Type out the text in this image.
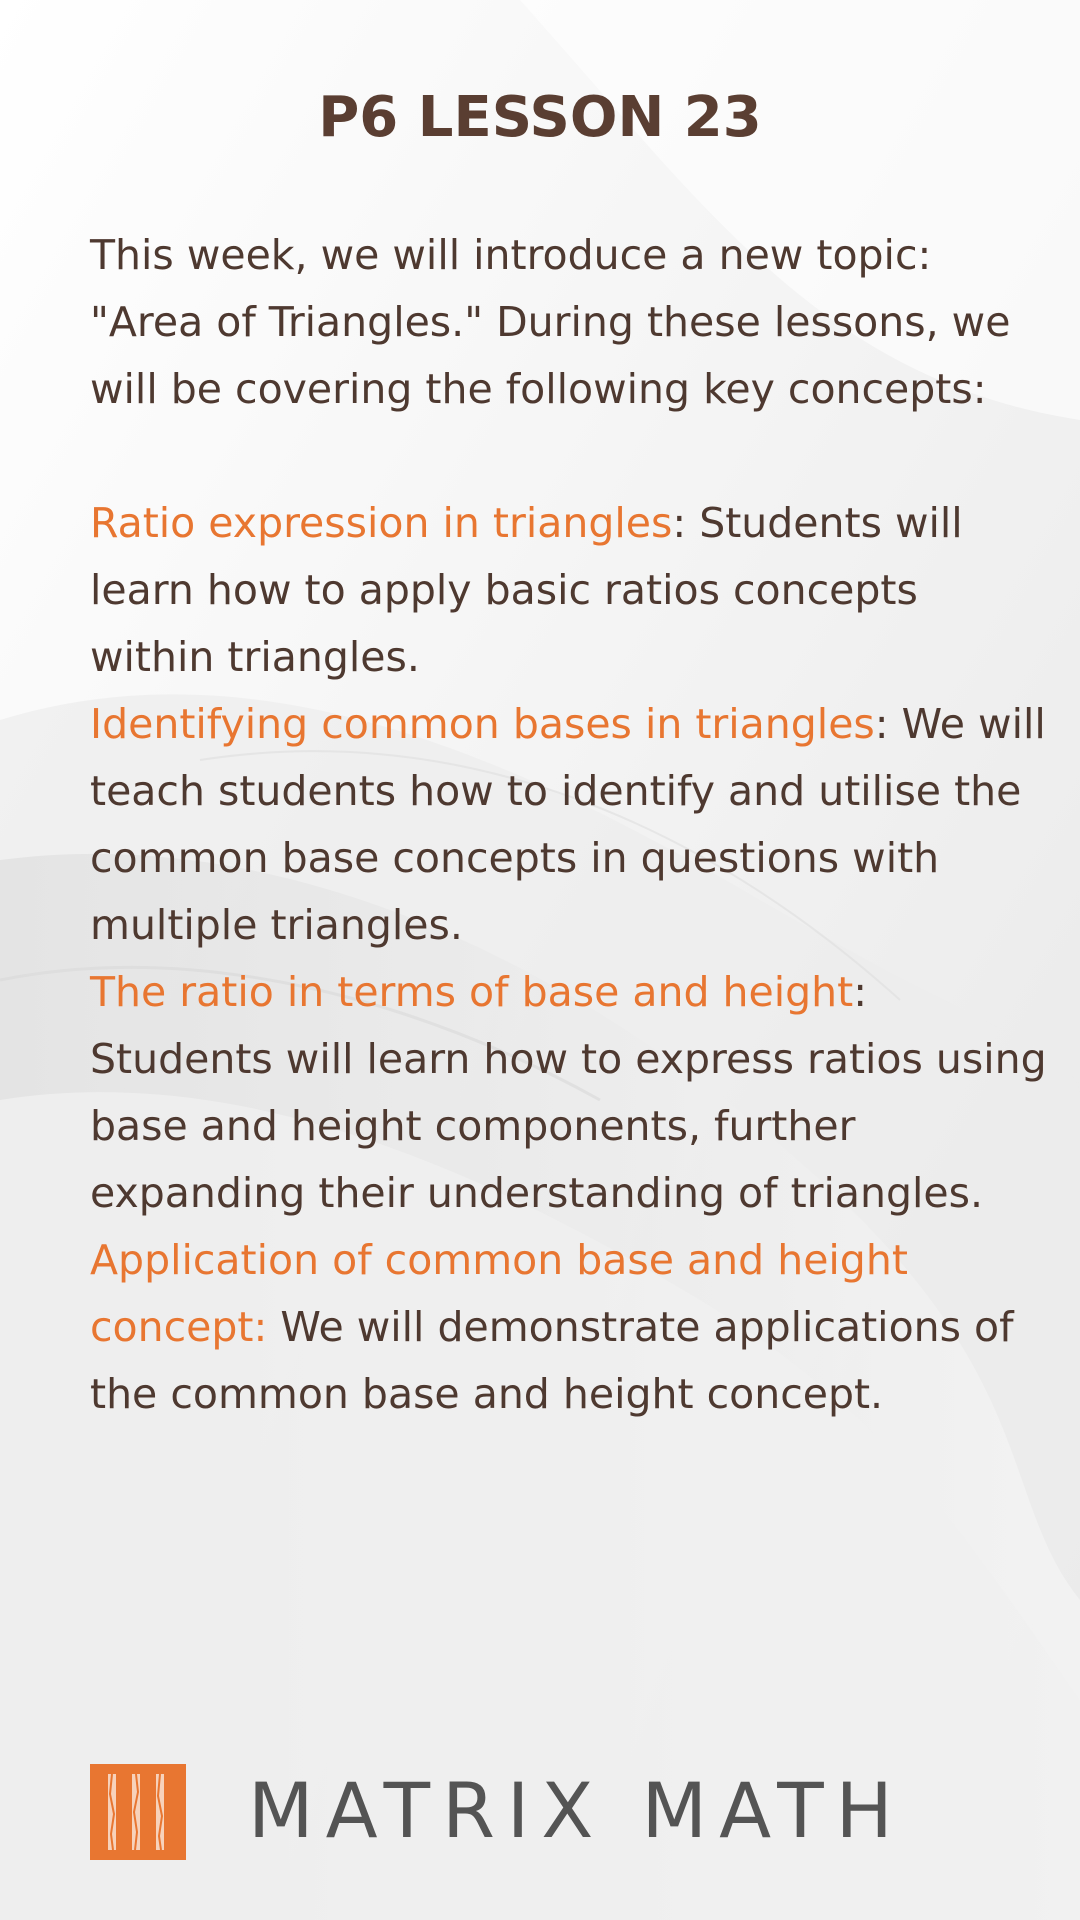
P6 LESSON 23

This week, we will introduce a new topic: "Area of Triangles." During these lessons, we will be covering the following key concepts:

Ratio expression in triangles: Students will learn how to apply basic ratios concepts within triangles.

Identifying common bases in triangles: We will teach students how to identify and utilise the common base concepts in questions with multiple triangles.

The ratio in terms of base and height: Students will learn how to express ratios using base and height components, further expanding their understanding of triangles.

Application of common base and height concept: We will demonstrate applications of the common base and height concept.

MATRIX MATH
